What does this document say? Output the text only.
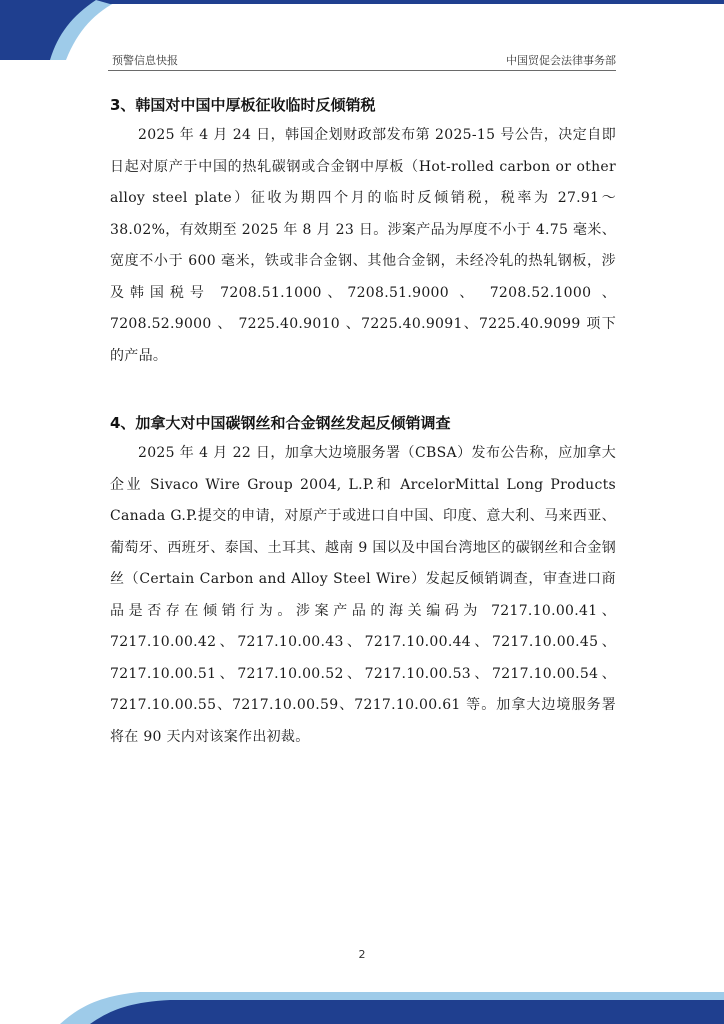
预警信息快报	中国贸促会法律事务部
3、韩国对中国中厚板征收临时反倾销税

2025 年 4 月 24 日，韩国企划财政部发布第 2025-15 号公告，决定自即日起对原产于中国的热轧碳钢或合金钢中厚板（Hot-rolled carbon or other alloy steel plate）征收为期四个月的临时反倾销税，税率为 27.91～38.02%，有效期至 2025 年 8 月 23 日。涉案产品为厚度不小于 4.75 毫米、宽度不小于 600 毫米，铁或非合金钢、其他合金钢，未经冷轧的热轧钢板，涉及韩国税号 7208.51.1000、7208.51.9000 、 7208.52.1000 、 7208.52.9000 、 7225.40.9010 、7225.40.9091、7225.40.9099 项下的产品。

4、加拿大对中国碳钢丝和合金钢丝发起反倾销调查

2025 年 4 月 22 日，加拿大边境服务署（CBSA）发布公告称，应加拿大企业 Sivaco Wire Group 2004, L.P.和 ArcelorMittal Long Products Canada G.P.提交的申请，对原产于或进口自中国、印度、意大利、马来西亚、葡萄牙、西班牙、泰国、土耳其、越南 9 国以及中国台湾地区的碳钢丝和合金钢丝（Certain Carbon and Alloy Steel Wire）发起反倾销调查，审查进口商品是否存在倾销行为。涉案产品的海关编码为 7217.10.00.41、7217.10.00.42、7217.10.00.43、7217.10.00.44、7217.10.00.45、7217.10.00.51、7217.10.00.52、7217.10.00.53、7217.10.00.54、7217.10.00.55、7217.10.00.59、7217.10.00.61 等。加拿大边境服务署将在 90 天内对该案作出初裁。

2
